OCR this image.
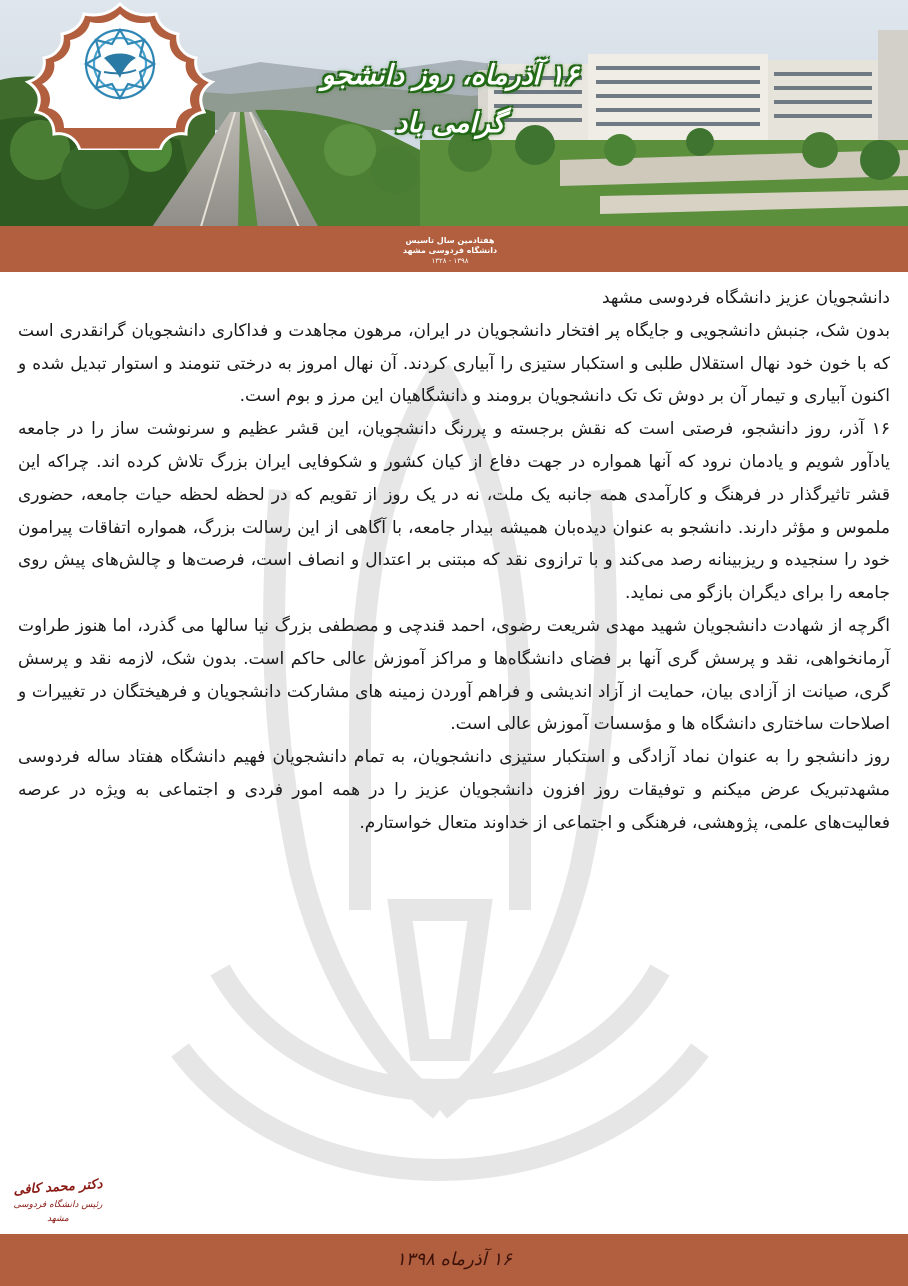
۱۶ آذرماه، روز دانشجو گرامی باد
هفتادمین سال تاسیس
دانشگاه فردوسی مشهد
۱۳۹۸ - ۱۳۲۸

دانشجویان عزیز دانشگاه فردوسی مشهد

بدون شک، جنبش دانشجویی و جایگاه پر افتخار دانشجویان در ایران، مرهون مجاهدت و فداکاری دانشجویان گرانقدری است که با خون خود نهال استقلال طلبی و استکبار ستیزی را آبیاری کردند. آن نهال امروز به درختی تنومند و استوار تبدیل شده و اکنون آبیاری و تیمار آن بر دوش تک تک دانشجویان برومند و دانشگاهیان این مرز و بوم است.

۱۶ آذر، روز دانشجو، فرصتی است که نقش برجسته و پررنگ دانشجویان، این قشر عظیم و سرنوشت ساز را در جامعه یادآور شویم و یادمان نرود که آنها همواره در جهت دفاع از کیان کشور و شکوفایی ایران بزرگ تلاش کرده اند. چراکه این قشر تاثیرگذار در فرهنگ و کارآمدی همه جانبه یک ملت، نه در یک روز از تقویم که در لحظه لحظه حیات جامعه، حضوری ملموس و مؤثر دارند. دانشجو به عنوان دیده‌بان همیشه بیدار جامعه، با آگاهی از این رسالت بزرگ، همواره اتفاقات پیرامون خود را سنجیده و ریزبینانه رصد می‌کند و با ترازوی نقد که مبتنی بر اعتدال و انصاف است، فرصت‌ها و چالش‌های پیش روی جامعه را برای دیگران بازگو می نماید.

اگرچه از شهادت دانشجویان شهید مهدی شریعت رضوی، احمد قندچی و مصطفی بزرگ نیا سالها می گذرد، اما هنوز طراوت آرمانخواهی، نقد و پرسش گری آنها بر فضای دانشگاه‌ها و مراکز آموزش عالی حاکم است. بدون شک، لازمه نقد و پرسش گری، صیانت از آزادی بیان، حمایت از آزاد اندیشی و فراهم آوردن زمینه های مشارکت دانشجویان و فرهیختگان در تغییرات و اصلاحات ساختاری دانشگاه ها و مؤسسات آموزش عالی است.

روز دانشجو را به عنوان نماد آزادگی و استکبار ستیزی دانشجویان، به تمام دانشجویان فهیم دانشگاه هفتاد ساله فردوسی مشهدتبریک عرض میکنم و توفیقات روز افزون دانشجویان عزیز را در همه امور فردی و اجتماعی به ویژه در عرصه فعالیت‌های علمی، پژوهشی، فرهنگی و اجتماعی از خداوند متعال خواستارم.

دکتر محمد کافی
رئیس دانشگاه فردوسی مشهد
۱۶ آذرماه ۱۳۹۸
